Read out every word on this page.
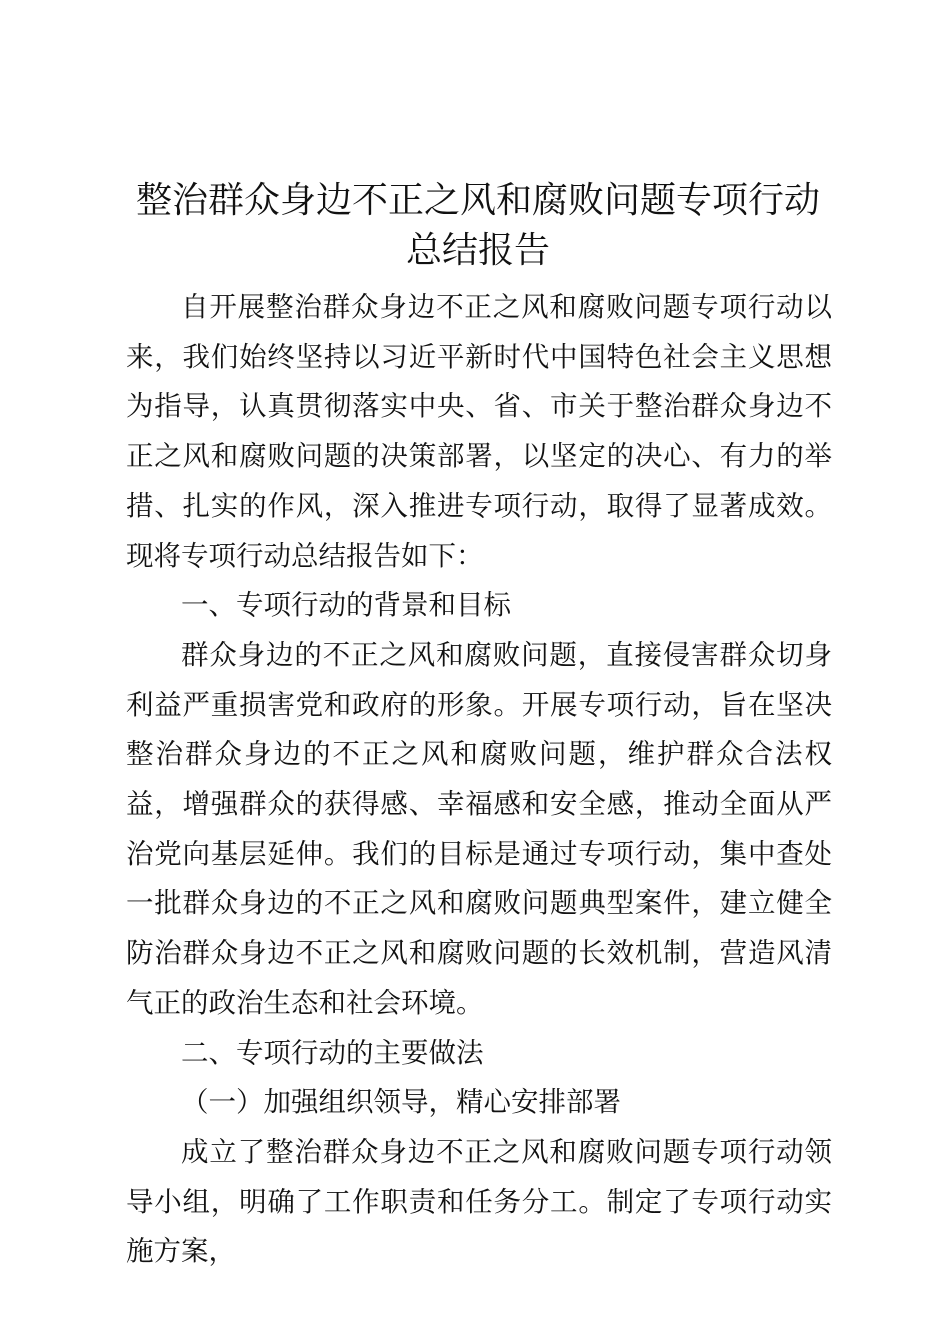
整治群众身边不正之风和腐败问题专项行动总结报告

自开展整治群众身边不正之风和腐败问题专项行动以来，我们始终坚持以习近平新时代中国特色社会主义思想为指导，认真贯彻落实中央、省、市关于整治群众身边不正之风和腐败问题的决策部署，以坚定的决心、有力的举措、扎实的作风，深入推进专项行动，取得了显著成效。现将专项行动总结报告如下：

一、专项行动的背景和目标

群众身边的不正之风和腐败问题，直接侵害群众切身利益严重损害党和政府的形象。开展专项行动，旨在坚决整治群众身边的不正之风和腐败问题，维护群众合法权益，增强群众的获得感、幸福感和安全感，推动全面从严治党向基层延伸。我们的目标是通过专项行动，集中查处一批群众身边的不正之风和腐败问题典型案件，建立健全防治群众身边不正之风和腐败问题的长效机制，营造风清气正的政治生态和社会环境。

二、专项行动的主要做法

（一）加强组织领导，精心安排部署

成立了整治群众身边不正之风和腐败问题专项行动领导小组，明确了工作职责和任务分工。制定了专项行动实施方案，
